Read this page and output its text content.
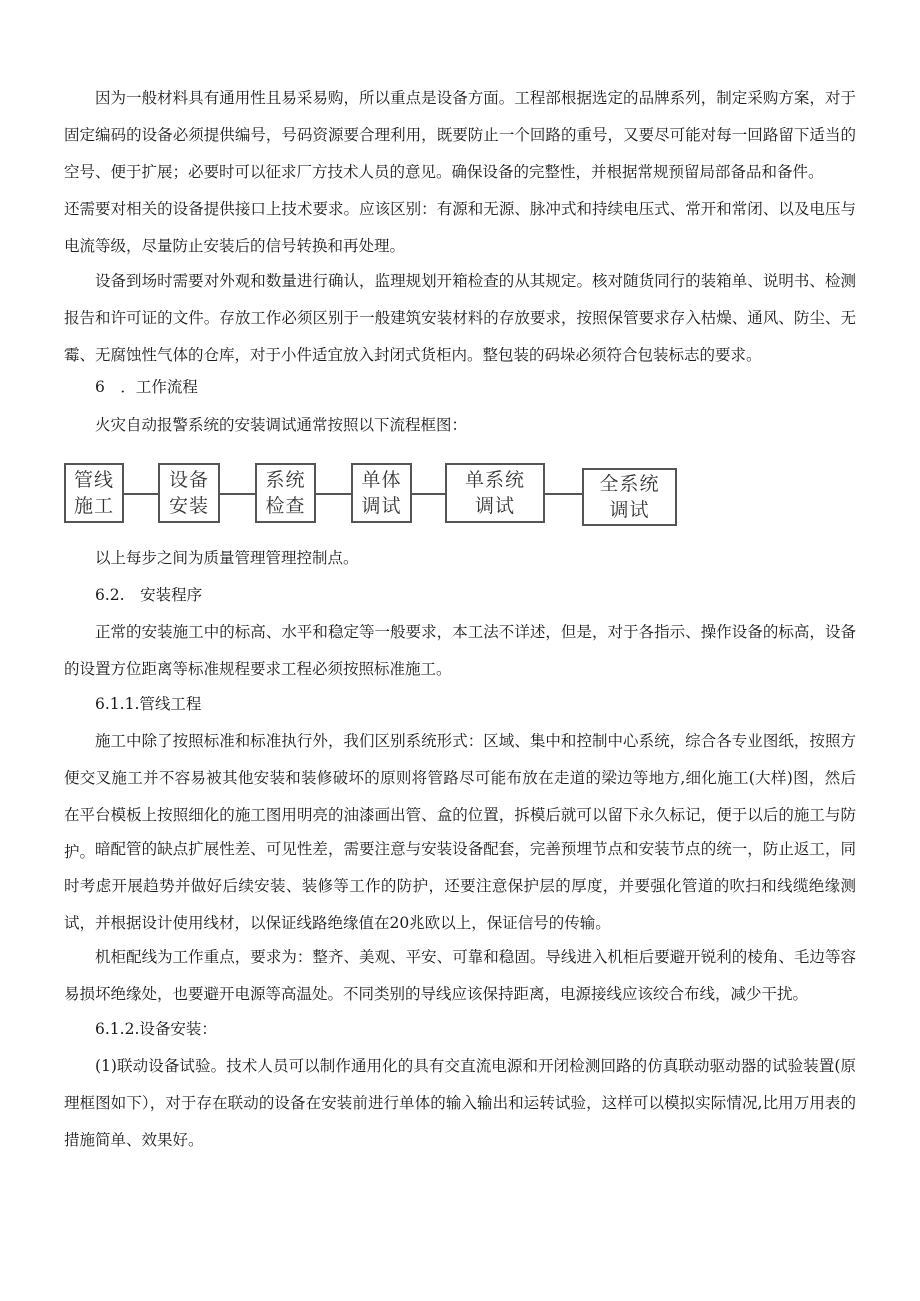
因为一般材料具有通用性且易采易购，所以重点是设备方面。工程部根据选定的品牌系列，制定采购方案，对于固定编码的设备必须提供编号，号码资源要合理利用，既要防止一个回路的重号，又要尽可能对每一回路留下适当的空号、便于扩展；必要时可以征求厂方技术人员的意见。确保设备的完整性，并根据常规预留局部备品和备件。

还需要对相关的设备提供接口上技术要求。应该区别：有源和无源、脉冲式和持续电压式、常开和常闭、以及电压与电流等级，尽量防止安装后的信号转换和再处理。

设备到场时需要对外观和数量进行确认，监理规划开箱检查的从其规定。核对随货同行的装箱单、说明书、检测报告和许可证的文件。存放工作必须区别于一般建筑安装材料的存放要求，按照保管要求存入枯燥、通风、防尘、无霉、无腐蚀性气体的仓库，对于小件适宜放入封闭式货柜内。整包装的码垛必须符合包装标志的要求。

6　．工作流程

火灾自动报警系统的安装调试通常按照以下流程框图：

管线
施工
设备
安装
系统
检查
单体
调试
单系统
调试
全系统
调试

以上每步之间为质量管理管理控制点。

6.2.　安装程序

正常的安装施工中的标高、水平和稳定等一般要求，本工法不详述，但是，对于各指示、操作设备的标高，设备的设置方位距离等标准规程要求工程必须按照标准施工。

6.1.1.管线工程

施工中除了按照标准和标准执行外，我们区别系统形式：区域、集中和控制中心系统，综合各专业图纸，按照方便交叉施工并不容易被其他安装和装修破坏的原则将管路尽可能布放在走道的梁边等地方,细化施工(大样)图，然后在平台模板上按照细化的施工图用明亮的油漆画出管、盒的位置，拆模后就可以留下永久标记，便于以后的施工与防护。 暗配管的缺点扩展性差、可见性差，需要注意与安装设备配套，完善预埋节点和安装节点的统一，防止返工，同时考虑开展趋势并做好后续安装、装修等工作的防护，还要注意保护层的厚度，并要强化管道的吹扫和线缆绝缘测试，并根据设计使用线材，以保证线路绝缘值在20兆欧以上，保证信号的传输。

机柜配线为工作重点，要求为：整齐、美观、平安、可靠和稳固。导线进入机柜后要避开锐利的棱角、毛边等容易损坏绝缘处，也要避开电源等高温处。不同类别的导线应该保持距离，电源接线应该绞合布线，减少干扰。

6.1.2.设备安装：

(1)联动设备试验。技术人员可以制作通用化的具有交直流电源和开闭检测回路的仿真联动驱动器的试验装置(原理框图如下），对于存在联动的设备在安装前进行单体的输入输出和运转试验，这样可以模拟实际情况,比用万用表的措施简单、效果好。
